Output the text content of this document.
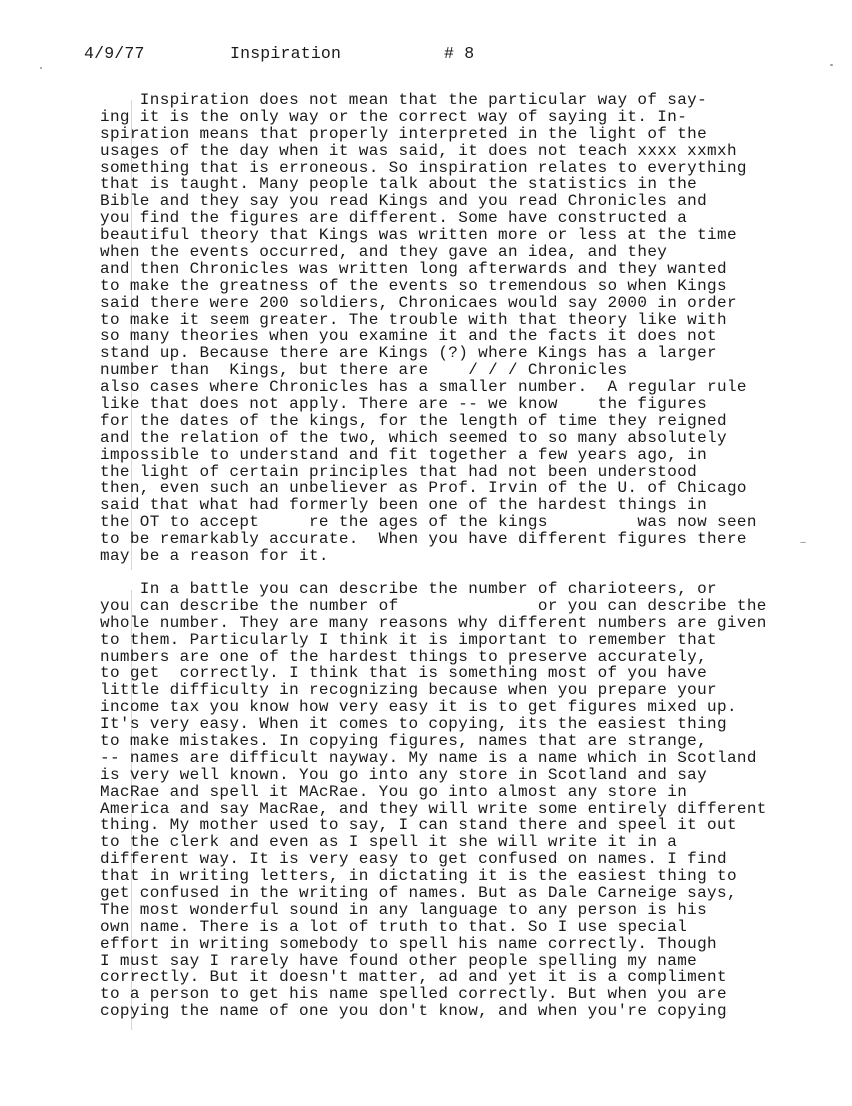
4/9/77	Inspiration	# 8
Inspiration does not mean that the particular way of say-
ing it is the only way or the correct way of saying it. In-
spiration means that properly interpreted in the light of the
usages of the day when it was said, it does not teach xxxx xxmxh
something that is erroneous. So inspiration relates to everything
that is taught. Many people talk about the statistics in the
Bible and they say you read Kings and you read Chronicles and
you find the figures are different. Some have constructed a
beautiful theory that Kings was written more or less at the time
when the events occurred, and they gave an idea, and they
and then Chronicles was written long afterwards and they wanted
to make the greatness of the events so tremendous so when Kings
said there were 200 soldiers, Chronicaes would say 2000 in order
to make it seem greater. The trouble with that theory like with
so many theories when you examine it and the facts it does not
stand up. Because there are Kings (?) where Kings has a larger
number than  Kings, but there are    / / / Chronicles
also cases where Chronicles has a smaller number.  A regular rule
like that does not apply. There are -- we know    the figures
for the dates of the kings, for the length of time they reigned
and the relation of the two, which seemed to so many absolutely
impossible to understand and fit together a few years ago, in
the light of certain principles that had not been understood
then, even such an unbeliever as Prof. Irvin of the U. of Chicago
said that what had formerly been one of the hardest things in
the OT to accept     re the ages of the kings         was now seen
to be remarkably accurate.  When you have different figures there
may be a reason for it.
In a battle you can describe the number of charioteers, or
you can describe the number of              or you can describe the
whole number. They are many reasons why different numbers are given
to them. Particularly I think it is important to remember that
numbers are one of the hardest things to preserve accurately,
to get  correctly. I think that is something most of you have
little difficulty in recognizing because when you prepare your
income tax you know how very easy it is to get figures mixed up.
It's very easy. When it comes to copying, its the easiest thing
to make mistakes. In copying figures, names that are strange,
-- names are difficult nayway. My name is a name which in Scotland
is very well known. You go into any store in Scotland and say
MacRae and spell it MAcRae. You go into almost any store in
America and say MacRae, and they will write some entirely different
thing. My mother used to say, I can stand there and speel it out
to the clerk and even as I spell it she will write it in a
different way. It is very easy to get confused on names. I find
that in writing letters, in dictating it is the easiest thing to
get confused in the writing of names. But as Dale Carneige says,
The most wonderful sound in any language to any person is his
own name. There is a lot of truth to that. So I use special
effort in writing somebody to spell his name correctly. Though
I must say I rarely have found other people spelling my name
correctly. But it doesn't matter, ad and yet it is a compliment
to a person to get his name spelled correctly. But when you are
copying the name of one you don't know, and when you're copying
